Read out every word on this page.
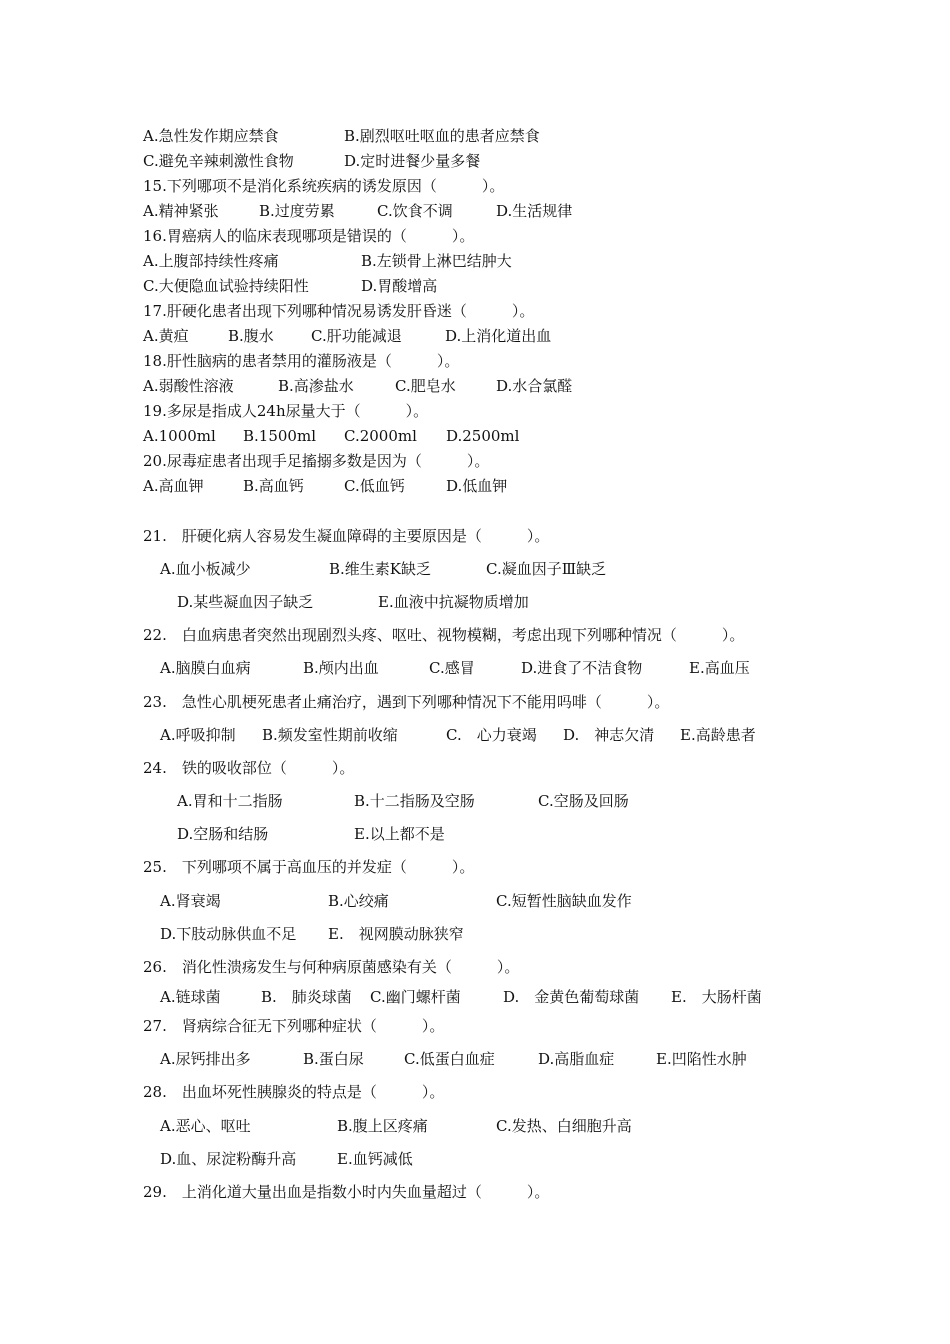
A.急性发作期应禁食	B.剧烈呕吐呕血的患者应禁食
C.避免辛辣刺激性食物	D.定时进餐少量多餐
15.下列哪项不是消化系统疾病的诱发原因（　　　）。
A.精神紧张	B.过度劳累	C.饮食不调	D.生活规律
16.胃癌病人的临床表现哪项是错误的（　　　）。
A.上腹部持续性疼痛	B.左锁骨上淋巴结肿大
C.大便隐血试验持续阳性	D.胃酸增高
17.肝硬化患者出现下列哪种情况易诱发肝昏迷（　　　）。
A.黄疸	B.腹水 C.肝功能减退	D.上消化道出血
18.肝性脑病的患者禁用的灌肠液是（　　　）。
A.弱酸性溶液	B.高渗盐水	C.肥皂水	D.水合氯醛
19.多尿是指成人24h尿量大于（　　　）。
A.1000ml B.1500ml C.2000ml D.2500ml
20.尿毒症患者出现手足搐搦多数是因为（　　　）。
A.高血钾	B.高血钙	C.低血钙	D.低血钾
21.　肝硬化病人容易发生凝血障碍的主要原因是（　　　）。
A.血小板减少	B.维生素K缺乏	C.凝血因子Ⅲ缺乏
D.某些凝血因子缺乏	E.血液中抗凝物质增加
22.　白血病患者突然出现剧烈头疼、呕吐、视物模糊，考虑出现下列哪种情况（　　　）。
A.脑膜白血病	B.颅内出血	C.感冒	D.进食了不洁食物	E.高血压
23.　急性心肌梗死患者止痛治疗，遇到下列哪种情况下不能用吗啡（　　　）。
A.呼吸抑制 B.频发室性期前收缩	C.　心力衰竭 D.　神志欠清 E.高龄患者
24.　铁的吸收部位（　　　）。
A.胃和十二指肠	B.十二指肠及空肠	C.空肠及回肠
D.空肠和结肠	E.以上都不是
25.　下列哪项不属于高血压的并发症（　　　）。
A.肾衰竭	B.心绞痛	C.短暂性脑缺血发作
D.下肢动脉供血不足 E.　视网膜动脉狭窄
26.　消化性溃疡发生与何种病原菌感染有关（　　　）。
A.链球菌	B.　肺炎球菌 C.幽门螺杆菌	D.　金黄色葡萄球菌 E.　大肠杆菌
27.　肾病综合征无下列哪种症状（　　　）。
A.尿钙排出多	B.蛋白尿	C.低蛋白血症	D.高脂血症	E.凹陷性水肿
28.　出血坏死性胰腺炎的特点是（　　　）。
A.恶心、呕吐	B.腹上区疼痛	C.发热、白细胞升高
D.血、尿淀粉酶升高	E.血钙减低
29.　上消化道大量出血是指数小时内失血量超过（　　　）。
